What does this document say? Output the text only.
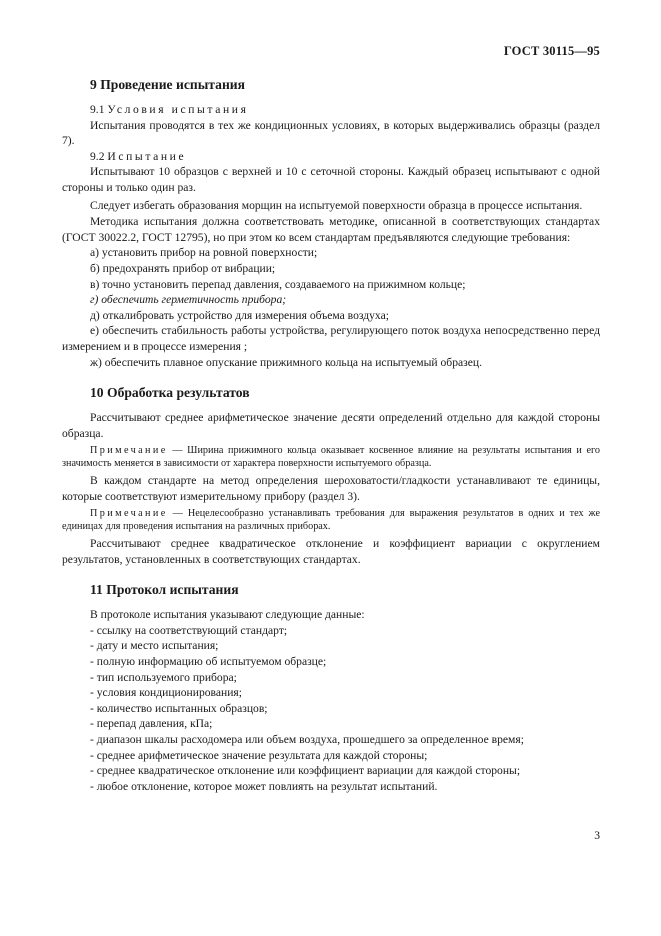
ГОСТ 30115—95
9 Проведение испытания

9.1 Условия испытания

Испытания проводятся в тех же кондиционных условиях, в которых выдерживались образцы (раздел 7).

9.2 Испытание

Испытывают 10 образцов с верхней и 10 с сеточной стороны. Каждый образец испытывают с одной стороны и только один раз.

Следует избегать образования морщин на испытуемой поверхности образца в процессе испытания.

Методика испытания должна соответствовать методике, описанной в соответствующих стандартах (ГОСТ 30022.2, ГОСТ 12795), но при этом ко всем стандартам предъявляются следующие требования:

а) установить прибор на ровной поверхности;

б) предохранять прибор от вибрации;

в) точно установить перепад давления, создаваемого на прижимном кольце;

г) обеспечить герметичность прибора;

д) откалибровать устройство для измерения объема воздуха;

е) обеспечить стабильность работы устройства, регулирующего поток воздуха непосредственно перед измерением и в процессе измерения ;

ж) обеспечить плавное опускание прижимного кольца на испытуемый образец.

10 Обработка результатов

Рассчитывают среднее арифметическое значение десяти определений отдельно для каждой стороны образца.

Примечание — Ширина прижимного кольца оказывает косвенное влияние на результаты испытания и его значимость меняется в зависимости от характера поверхности испытуемого образца.

В каждом стандарте на метод определения шероховатости/гладкости устанавливают те единицы, которые соответствуют измерительному прибору (раздел 3).

Примечание — Нецелесообразно устанавливать требования для выражения результатов в одних и тех же единицах для проведения испытания на различных приборах.

Рассчитывают среднее квадратическое отклонение и коэффициент вариации с округлением результатов, установленных в соответствующих стандартах.

11 Протокол испытания

В протоколе испытания указывают следующие данные:

- ссылку на соответствующий стандарт;

- дату и место испытания;

- полную информацию об испытуемом образце;

- тип используемого прибора;

- условия кондиционирования;

- количество испытанных образцов;

- перепад давления, кПа;

- диапазон шкалы расходомера или объем воздуха, прошедшего за определенное время;

- среднее арифметическое значение результата для каждой стороны;

- среднее квадратическое отклонение или коэффициент вариации для каждой стороны;

- любое отклонение, которое может повлиять на результат испытаний.

3
